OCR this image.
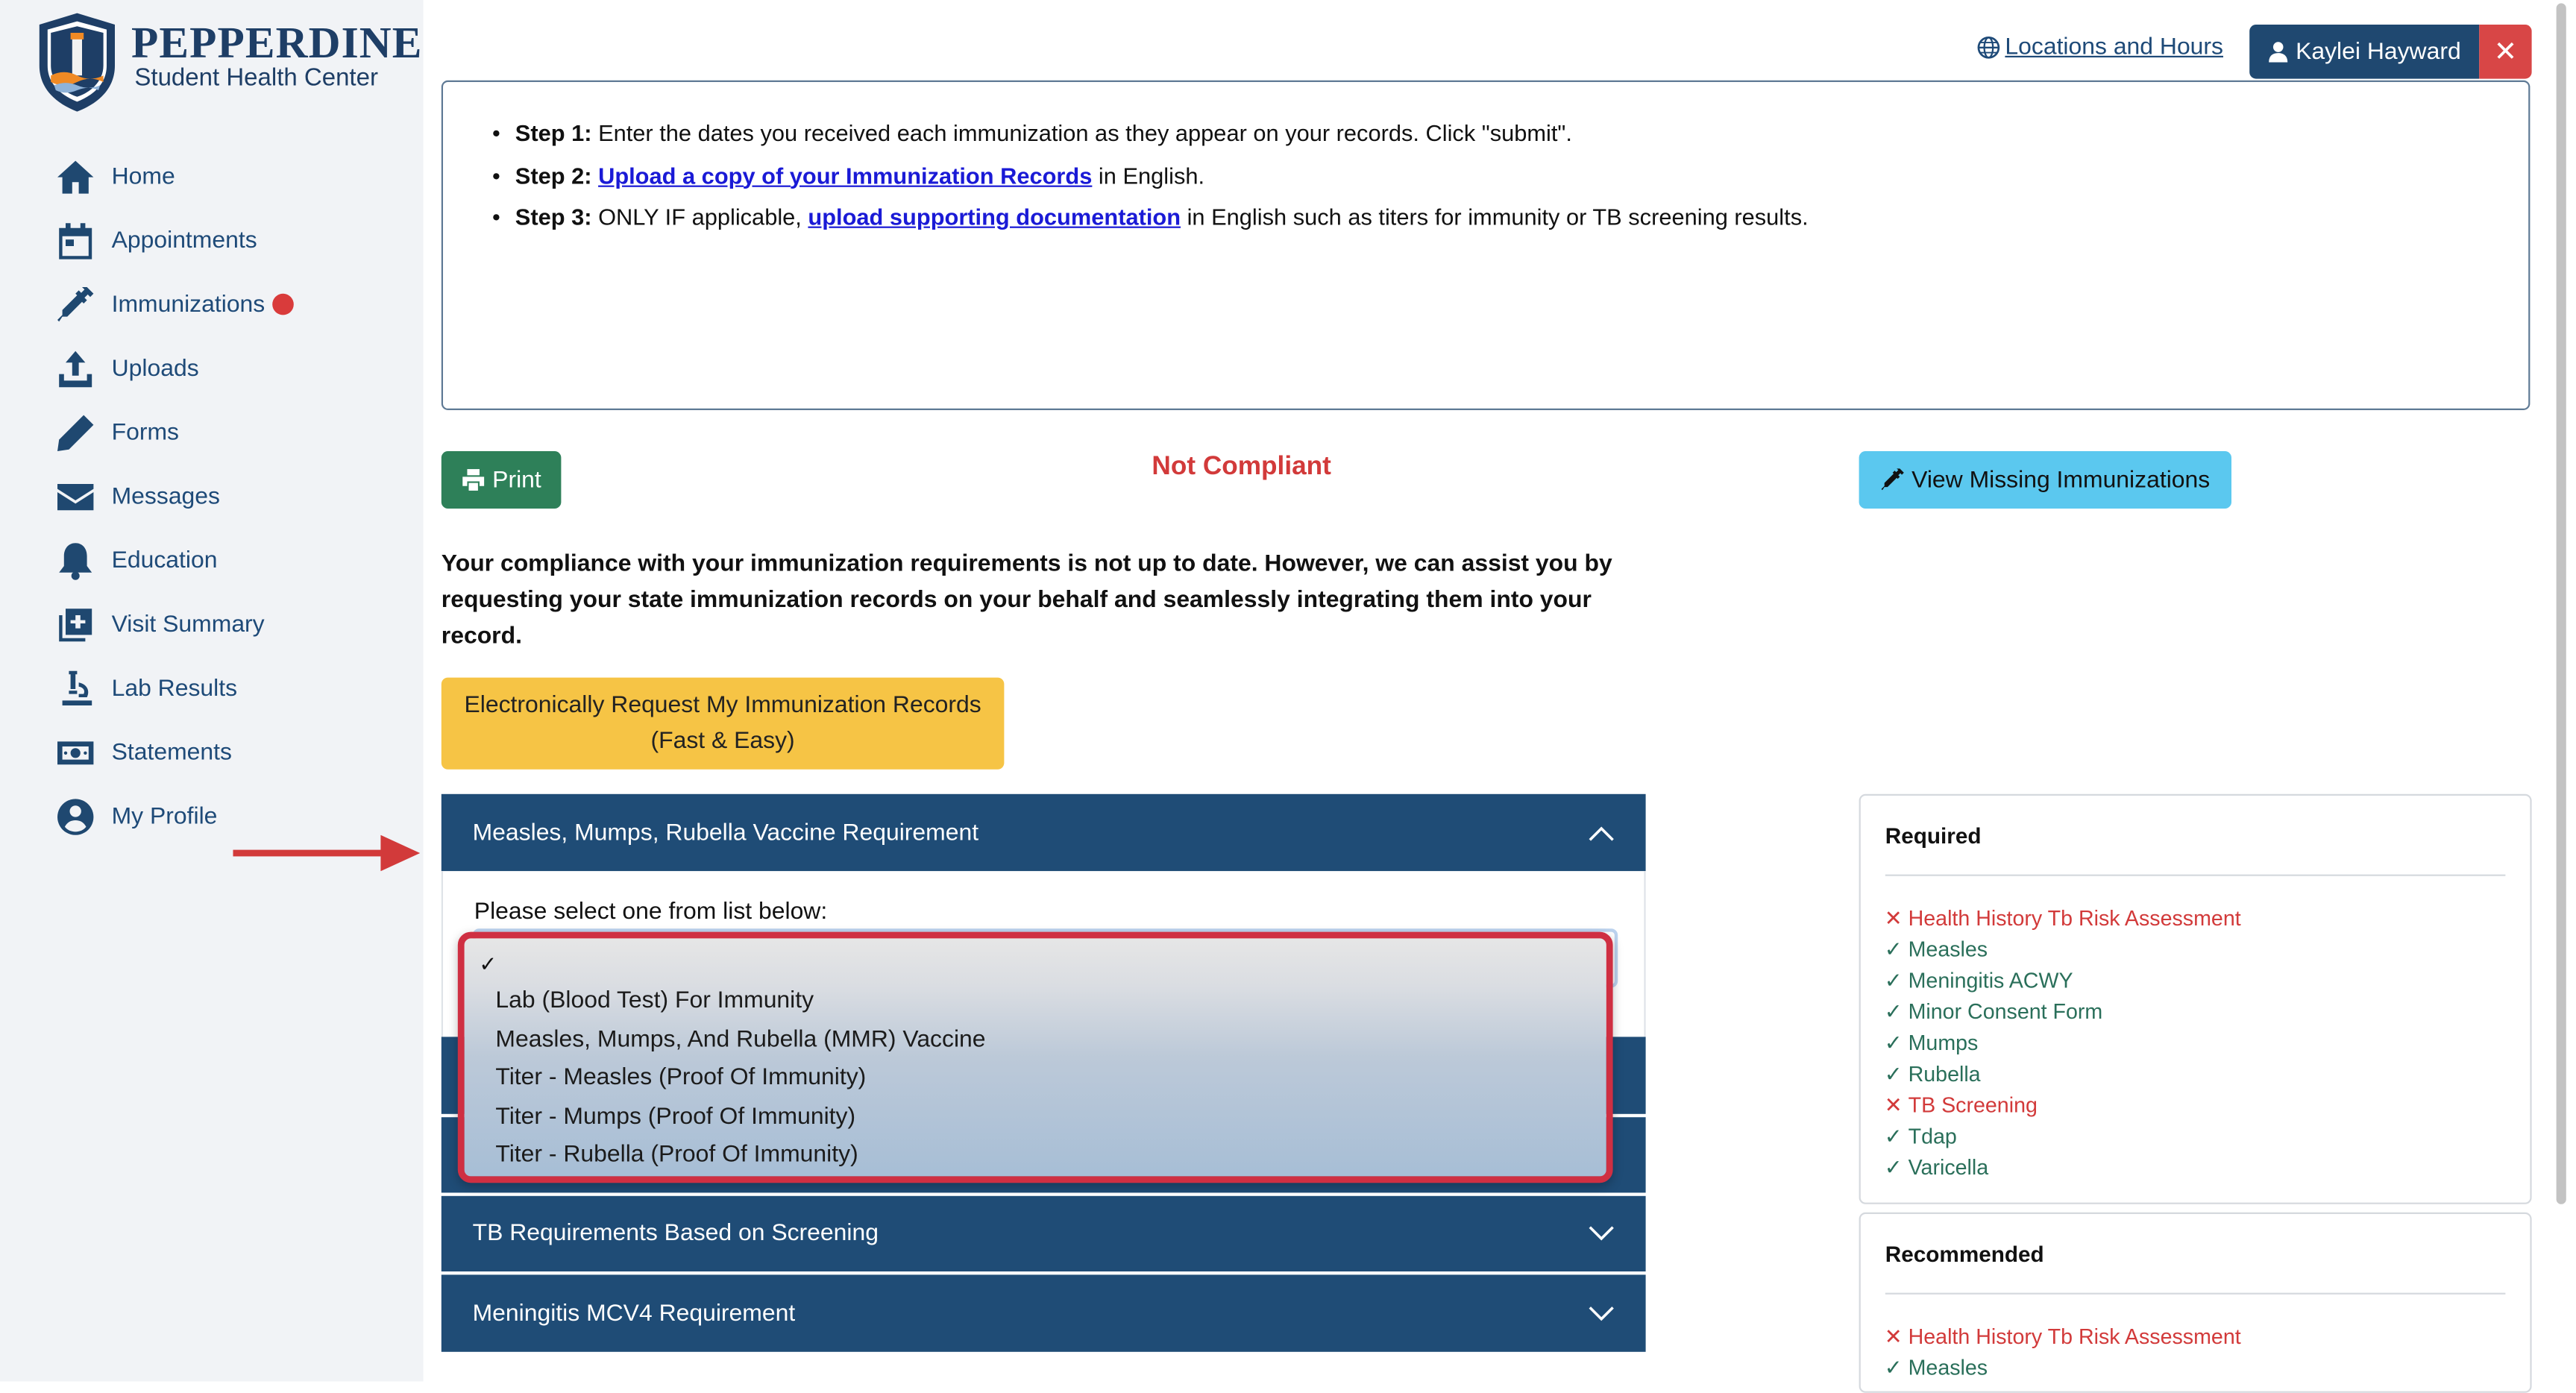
PEPPERDINE
Student Health Center
Home
Appointments
Immunizations
Uploads
Forms
Messages
Education
Visit Summary
Lab Results
Statements
My Profile
Locations and Hours	Kaylei Hayward	✕
• Step 1: Enter the dates you received each immunization as they appear on your records. Click "submit".
• Step 2: Upload a copy of your Immunization Records in English.
• Step 3: ONLY IF applicable, upload supporting documentation in English such as titers for immunity or TB screening results.
Print	Not Compliant	View Missing Immunizations
Your compliance with your immunization requirements is not up to date. However, we can assist you by requesting your state immunization records on your behalf and seamlessly integrating them into your record.
Electronically Request My Immunization Records
(Fast & Easy)
Measles, Mumps, Rubella Vaccine Requirement
Please select one from list below:
TB Requirements Based on Screening
Meningitis MCV4 Requirement
✓
Lab (Blood Test) For Immunity
Measles, Mumps, And Rubella (MMR) Vaccine
Titer - Measles (Proof Of Immunity)
Titer - Mumps (Proof Of Immunity)
Titer - Rubella (Proof Of Immunity)
Required
✕ Health History Tb Risk Assessment
✓ Measles
✓ Meningitis ACWY
✓ Minor Consent Form
✓ Mumps
✓ Rubella
✕ TB Screening
✓ Tdap
✓ Varicella
Recommended
✕ Health History Tb Risk Assessment
✓ Measles
